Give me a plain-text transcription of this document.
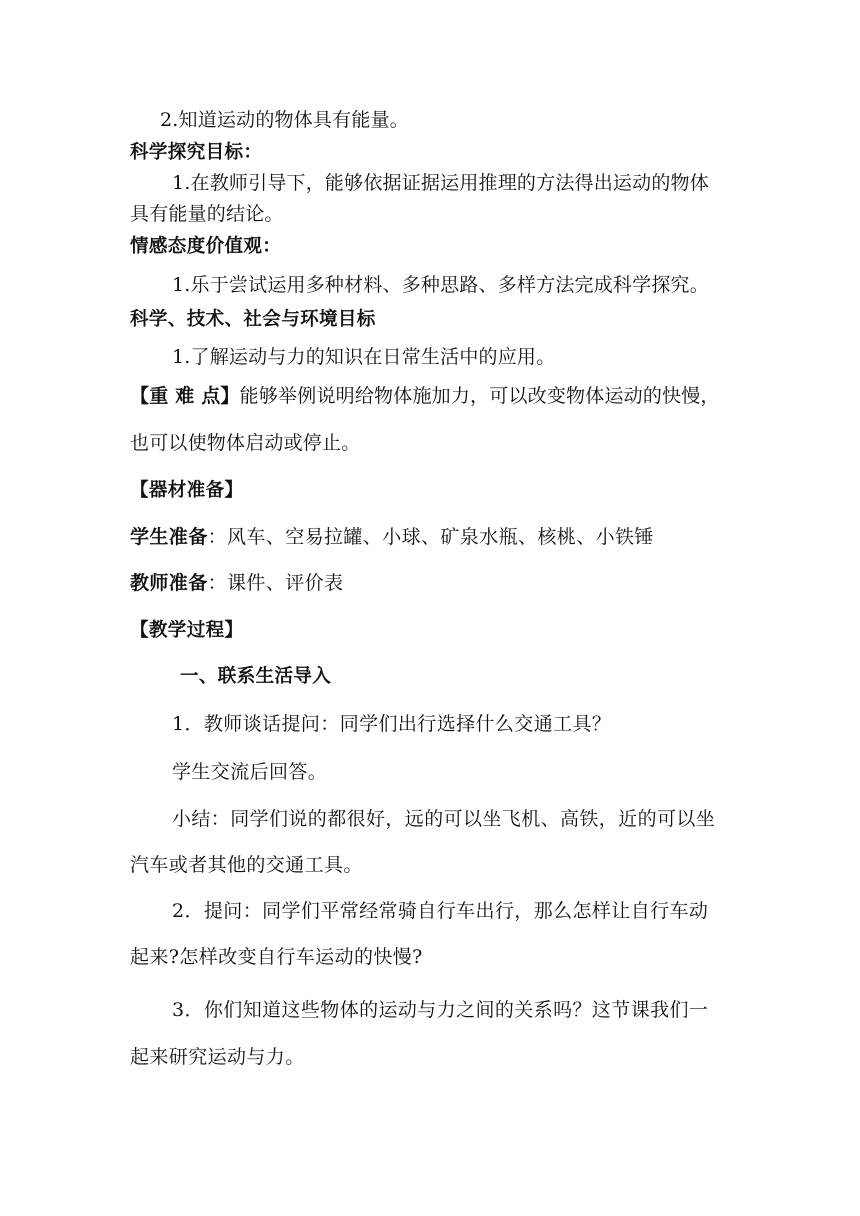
2.知道运动的物体具有能量。
科学探究目标：
1.在教师引导下，能够依据证据运用推理的方法得出运动的物体
具有能量的结论。
情感态度价值观：
1.乐于尝试运用多种材料、多种思路、多样方法完成科学探究。
科学、技术、社会与环境目标
1.了解运动与力的知识在日常生活中的应用。
【重 难 点】能够举例说明给物体施加力，可以改变物体运动的快慢，
也可以使物体启动或停止。
【器材准备】
学生准备：风车、空易拉罐、小球、矿泉水瓶、核桃、小铁锤
教师准备：课件、评价表
【教学过程】
一、联系生活导入
1．教师谈话提问：同学们出行选择什么交通工具？
学生交流后回答。
小结：同学们说的都很好，远的可以坐飞机、高铁，近的可以坐
汽车或者其他的交通工具。
2．提问：同学们平常经常骑自行车出行，那么怎样让自行车动
起来?怎样改变自行车运动的快慢?
3．你们知道这些物体的运动与力之间的关系吗？这节课我们一
起来研究运动与力。
